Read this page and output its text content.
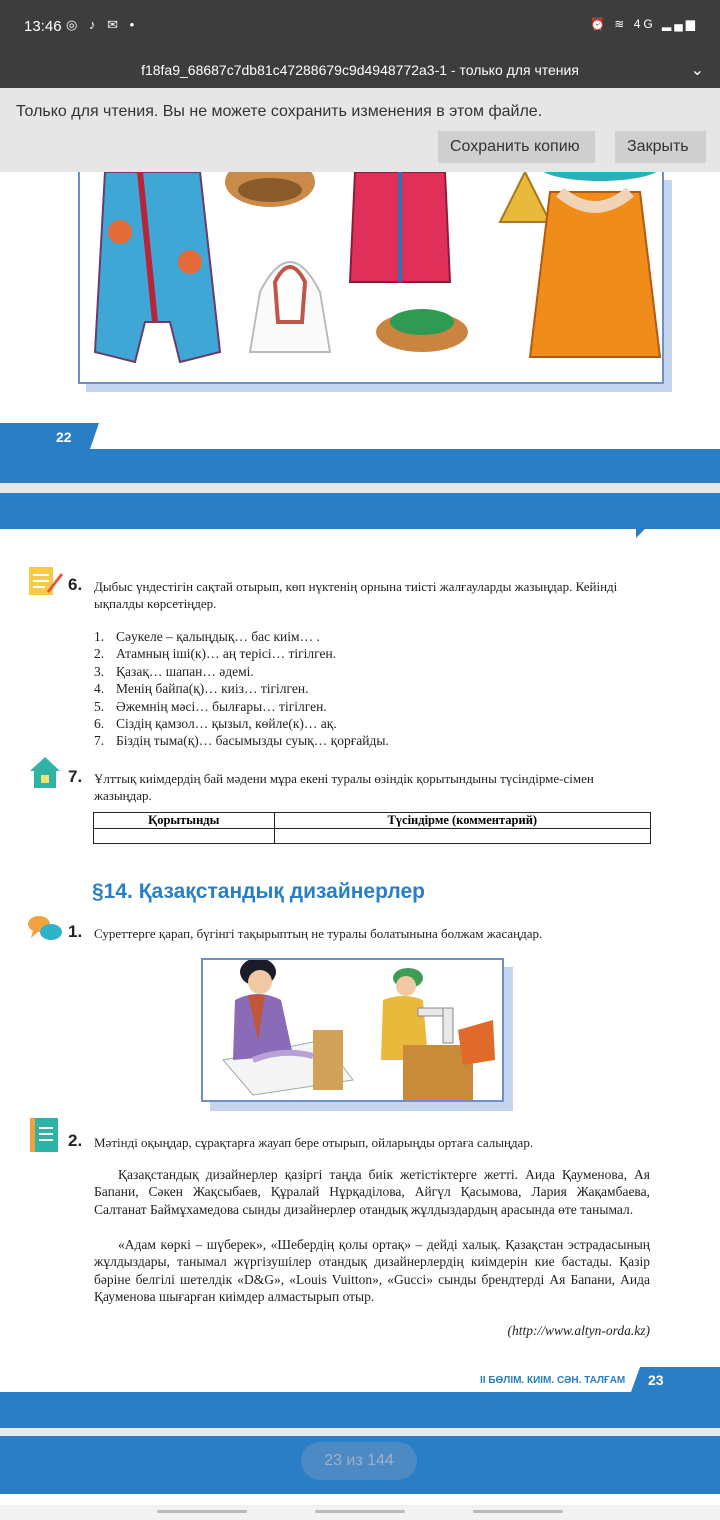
13:46 ◎ ♪ ✉ •	⏰ ≋ 4G ▂▄▆
f18fa9_68687c7db81c47288679c9d4948772a3-1 - только для чтения	⌄
Только для чтения. Вы не можете сохранить изменения в этом файле.
Сохранить копию	Закрыть
22
6. Дыбыс үндестігін сақтай отырып, көп нүктенің орнына тиісті жалғауларды жазыңдар. Кейінді ықпалды көрсетіңдер.
1. Сәукеле – қалыңдық… бас киім… .
2. Атамның іші(к)… аң терісі… тігілген.
3. Қазақ… шапан… әдемі.
4. Менің байпа(қ)… киіз… тігілген.
5. Әжемнің мәсі… былғары… тігілген.
6. Сіздің қамзол… қызыл, көйле(к)… ақ.
7. Біздің тыма(қ)… басымызды суық… қорғайды.
7. Ұлттық киімдердің бай мәдени мұра екені туралы өзіндік қорытындыны түсіндірме-сімен жазыңдар.
Қорытынды	Түсіндірме (комментарий)

§14. Қазақстандық дизайнерлер
1. Суреттерге қарап, бүгінгі тақырыптың не туралы болатынына болжам жасаңдар.
2. Мәтінді оқыңдар, сұрақтарға жауап бере отырып, ойларыңды ортаға салыңдар.

Қазақстандық дизайнерлер қазіргі таңда биік жетістіктерге жетті. Аида Қауменова, Ая Бапани, Сәкен Жақсыбаев, Құралай Нұрқаділова, Айгүл Қасымова, Лария Жақамбаева, Салтанат Баймұхамедова сынды дизайнерлер отандық жұлдыздардың арасында өте танымал.

«Адам көркі – шүберек», «Шебердің қолы ортақ» – дейді халық. Қазақстан эстрадасының жұлдыздары, танымал жүргізушілер отандық дизайнерлердің киімдерін кие бастады. Қазір бәріне белгілі шетелдік «D&G», «Louis Vuitton», «Gucci» сынды брендтерді Ая Бапани, Аида Қауменова шығарған киімдер алмастырып отыр.

(http://www.altyn-orda.kz)
II БӨЛІМ. КИІМ. СӘН. ТАЛҒАМ 23
23 из 144
